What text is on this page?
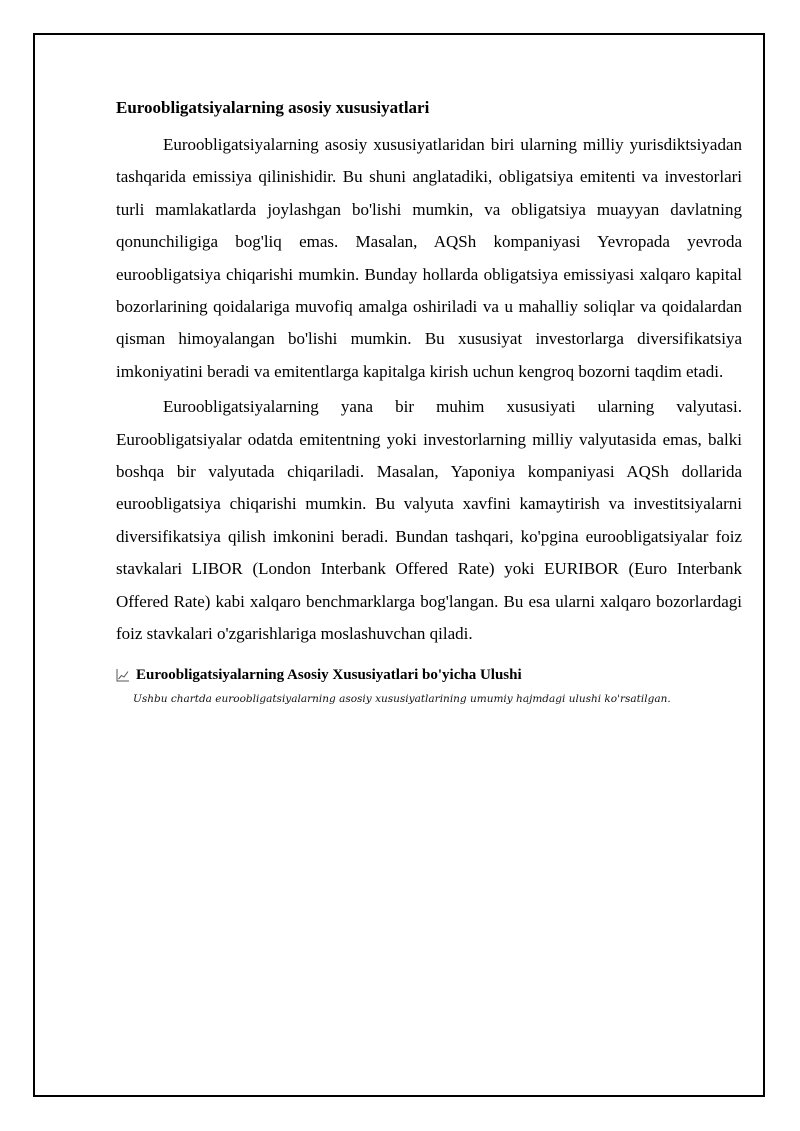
Euroobligatsiyalarning asosiy xususiyatlari

Euroobligatsiyalarning asosiy xususiyatlaridan biri ularning milliy yurisdiktsiyadan tashqarida emissiya qilinishidir. Bu shuni anglatadiki, obligatsiya emitenti va investorlari turli mamlakatlarda joylashgan bo'lishi mumkin, va obligatsiya muayyan davlatning qonunchiligiga bog'liq emas. Masalan, AQSh kompaniyasi Yevropada yevroda euroobligatsiya chiqarishi mumkin. Bunday hollarda obligatsiya emissiyasi xalqaro kapital bozorlarining qoidalariga muvofiq amalga oshiriladi va u mahalliy soliqlar va qoidalardan qisman himoyalangan bo'lishi mumkin. Bu xususiyat investorlarga diversifikatsiya imkoniyatini beradi va emitentlarga kapitalga kirish uchun kengroq bozorni taqdim etadi.

Euroobligatsiyalarning yana bir muhim xususiyati ularning valyutasi. Euroobligatsiyalar odatda emitentning yoki investorlarning milliy valyutasida emas, balki boshqa bir valyutada chiqariladi. Masalan, Yaponiya kompaniyasi AQSh dollarida euroobligatsiya chiqarishi mumkin. Bu valyuta xavfini kamaytirish va investitsiyalarni diversifikatsiya qilish imkonini beradi. Bundan tashqari, ko'pgina euroobligatsiyalar foiz stavkalari LIBOR (London Interbank Offered Rate) yoki EURIBOR (Euro Interbank Offered Rate) kabi xalqaro benchmarklarga bog'langan. Bu esa ularni xalqaro bozorlardagi foiz stavkalari o'zgarishlariga moslashuvchan qiladi.

Euroobligatsiyalarning Asosiy Xususiyatlari bo'yicha Ulushi
Ushbu chartda euroobligatsiyalarning asosiy xususiyatlarining umumiy hajmdagi ulushi ko'rsatilgan.
